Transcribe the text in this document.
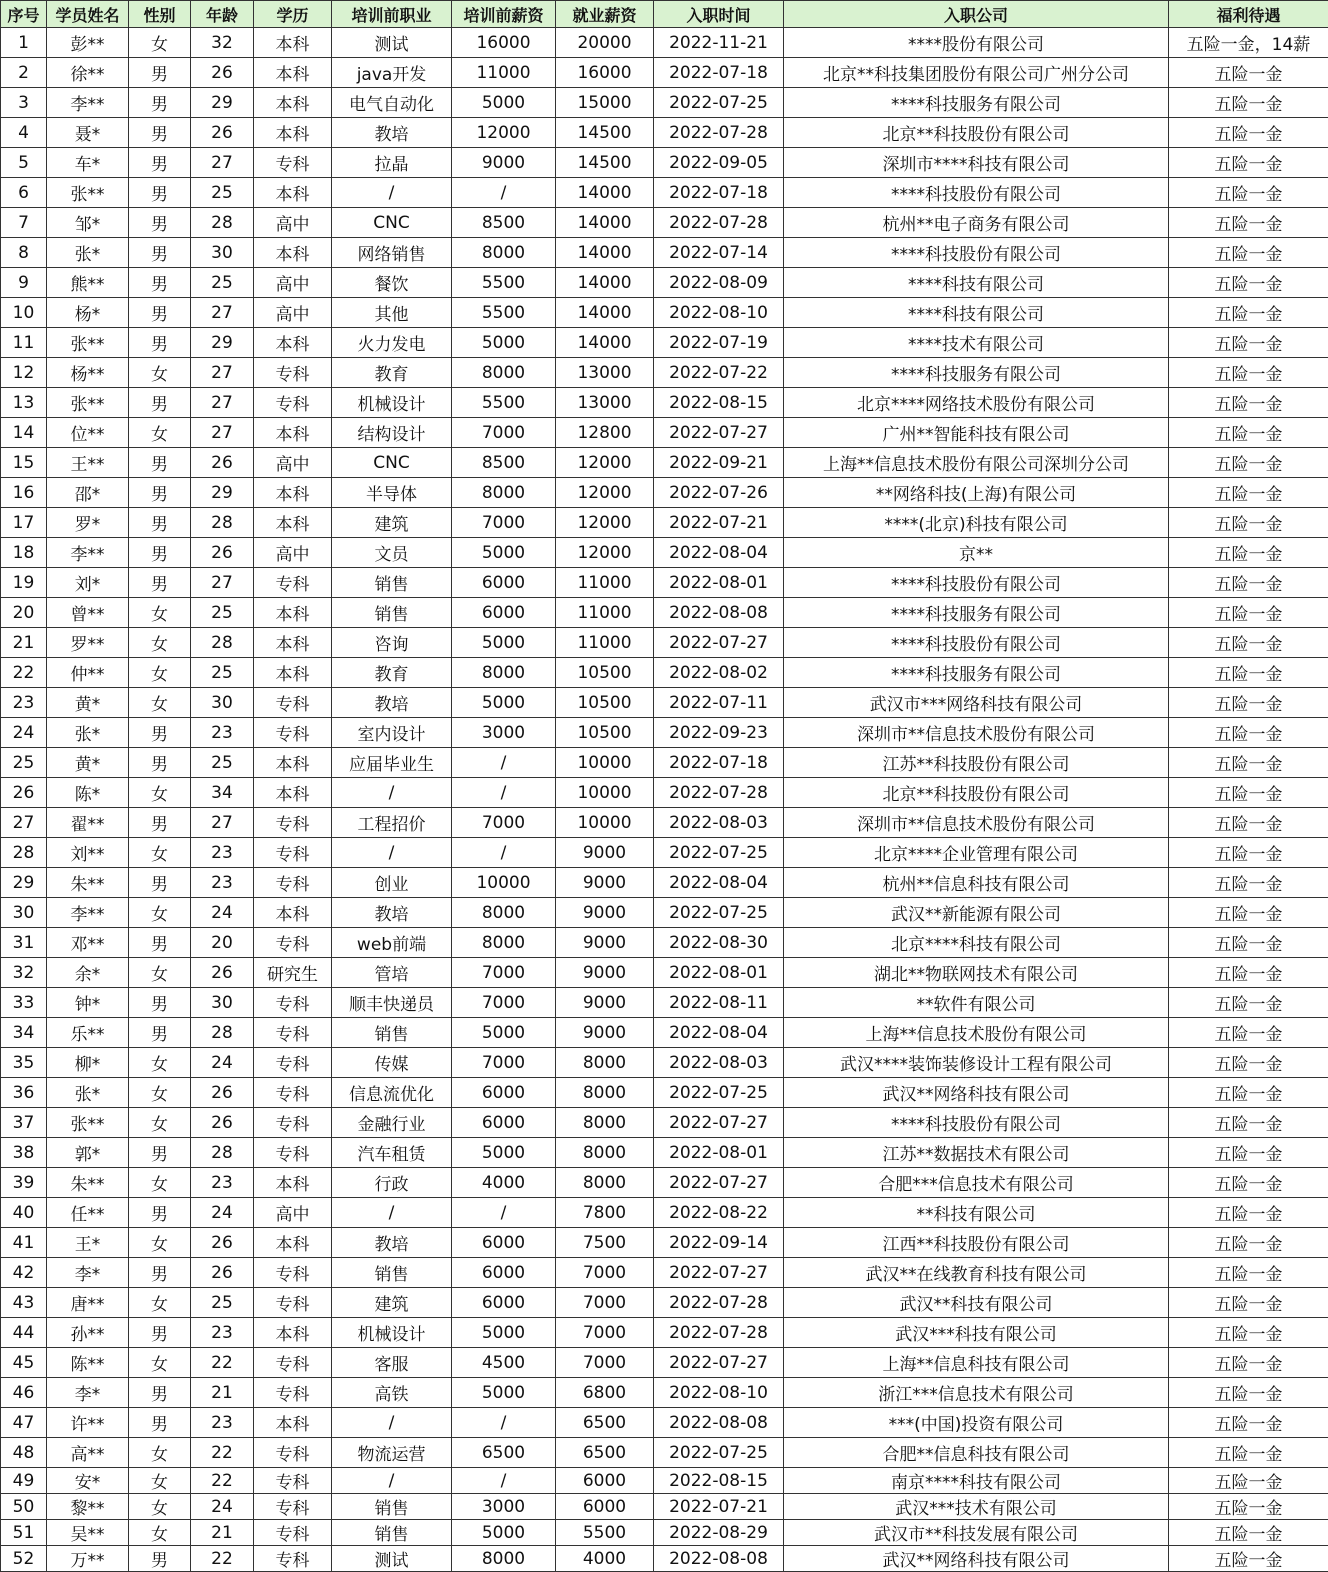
序号	学员姓名	性别	年龄	学历	培训前职业	培训前薪资	就业薪资	入职时间	入职公司	福利待遇
1	彭**	女	32	本科	测试	16000	20000	2022-11-21	****股份有限公司	五险一金，14薪
2	徐**	男	26	本科	java开发	11000	16000	2022-07-18	北京**科技集团股份有限公司广州分公司	五险一金
3	李**	男	29	本科	电气自动化	5000	15000	2022-07-25	****科技服务有限公司	五险一金
4	聂*	男	26	本科	教培	12000	14500	2022-07-28	北京**科技股份有限公司	五险一金
5	车*	男	27	专科	拉晶	9000	14500	2022-09-05	深圳市****科技有限公司	五险一金
6	张**	男	25	本科	/	/	14000	2022-07-18	****科技股份有限公司	五险一金
7	邹*	男	28	高中	CNC	8500	14000	2022-07-28	杭州**电子商务有限公司	五险一金
8	张*	男	30	本科	网络销售	8000	14000	2022-07-14	****科技股份有限公司	五险一金
9	熊**	男	25	高中	餐饮	5500	14000	2022-08-09	****科技有限公司	五险一金
10	杨*	男	27	高中	其他	5500	14000	2022-08-10	****科技有限公司	五险一金
11	张**	男	29	本科	火力发电	5000	14000	2022-07-19	****技术有限公司	五险一金
12	杨**	女	27	专科	教育	8000	13000	2022-07-22	****科技服务有限公司	五险一金
13	张**	男	27	专科	机械设计	5500	13000	2022-08-15	北京****网络技术股份有限公司	五险一金
14	位**	女	27	本科	结构设计	7000	12800	2022-07-27	广州**智能科技有限公司	五险一金
15	王**	男	26	高中	CNC	8500	12000	2022-09-21	上海**信息技术股份有限公司深圳分公司	五险一金
16	邵*	男	29	本科	半导体	8000	12000	2022-07-26	**网络科技(上海)有限公司	五险一金
17	罗*	男	28	本科	建筑	7000	12000	2022-07-21	****(北京)科技有限公司	五险一金
18	李**	男	26	高中	文员	5000	12000	2022-08-04	京**	五险一金
19	刘*	男	27	专科	销售	6000	11000	2022-08-01	****科技股份有限公司	五险一金
20	曾**	女	25	本科	销售	6000	11000	2022-08-08	****科技服务有限公司	五险一金
21	罗**	女	28	本科	咨询	5000	11000	2022-07-27	****科技股份有限公司	五险一金
22	仲**	女	25	本科	教育	8000	10500	2022-08-02	****科技服务有限公司	五险一金
23	黄*	女	30	专科	教培	5000	10500	2022-07-11	武汉市***网络科技有限公司	五险一金
24	张*	男	23	专科	室内设计	3000	10500	2022-09-23	深圳市**信息技术股份有限公司	五险一金
25	黄*	男	25	本科	应届毕业生	/	10000	2022-07-18	江苏**科技股份有限公司	五险一金
26	陈*	女	34	本科	/	/	10000	2022-07-28	北京**科技股份有限公司	五险一金
27	翟**	男	27	专科	工程招价	7000	10000	2022-08-03	深圳市**信息技术股份有限公司	五险一金
28	刘**	女	23	专科	/	/	9000	2022-07-25	北京****企业管理有限公司	五险一金
29	朱**	男	23	专科	创业	10000	9000	2022-08-04	杭州**信息科技有限公司	五险一金
30	李**	女	24	本科	教培	8000	9000	2022-07-25	武汉**新能源有限公司	五险一金
31	邓**	男	20	专科	web前端	8000	9000	2022-08-30	北京****科技有限公司	五险一金
32	余*	女	26	研究生	管培	7000	9000	2022-08-01	湖北**物联网技术有限公司	五险一金
33	钟*	男	30	专科	顺丰快递员	7000	9000	2022-08-11	**软件有限公司	五险一金
34	乐**	男	28	专科	销售	5000	9000	2022-08-04	上海**信息技术股份有限公司	五险一金
35	柳*	女	24	专科	传媒	7000	8000	2022-08-03	武汉****装饰装修设计工程有限公司	五险一金
36	张*	女	26	专科	信息流优化	6000	8000	2022-07-25	武汉**网络科技有限公司	五险一金
37	张**	女	26	专科	金融行业	6000	8000	2022-07-27	****科技股份有限公司	五险一金
38	郭*	男	28	专科	汽车租赁	5000	8000	2022-08-01	江苏**数据技术有限公司	五险一金
39	朱**	女	23	本科	行政	4000	8000	2022-07-27	合肥***信息技术有限公司	五险一金
40	任**	男	24	高中	/	/	7800	2022-08-22	**科技有限公司	五险一金
41	王*	女	26	本科	教培	6000	7500	2022-09-14	江西**科技股份有限公司	五险一金
42	李*	男	26	专科	销售	6000	7000	2022-07-27	武汉**在线教育科技有限公司	五险一金
43	唐**	女	25	专科	建筑	6000	7000	2022-07-28	武汉**科技有限公司	五险一金
44	孙**	男	23	本科	机械设计	5000	7000	2022-07-28	武汉***科技有限公司	五险一金
45	陈**	女	22	专科	客服	4500	7000	2022-07-27	上海**信息科技有限公司	五险一金
46	李*	男	21	专科	高铁	5000	6800	2022-08-10	浙江***信息技术有限公司	五险一金
47	许**	男	23	本科	/	/	6500	2022-08-08	***(中国)投资有限公司	五险一金
48	高**	女	22	专科	物流运营	6500	6500	2022-07-25	合肥**信息科技有限公司	五险一金
49	安*	女	22	专科	/	/	6000	2022-08-15	南京****科技有限公司	五险一金
50	黎**	女	24	专科	销售	3000	6000	2022-07-21	武汉***技术有限公司	五险一金
51	吴**	女	21	专科	销售	5000	5500	2022-08-29	武汉市**科技发展有限公司	五险一金
52	万**	男	22	专科	测试	8000	4000	2022-08-08	武汉**网络科技有限公司	五险一金
